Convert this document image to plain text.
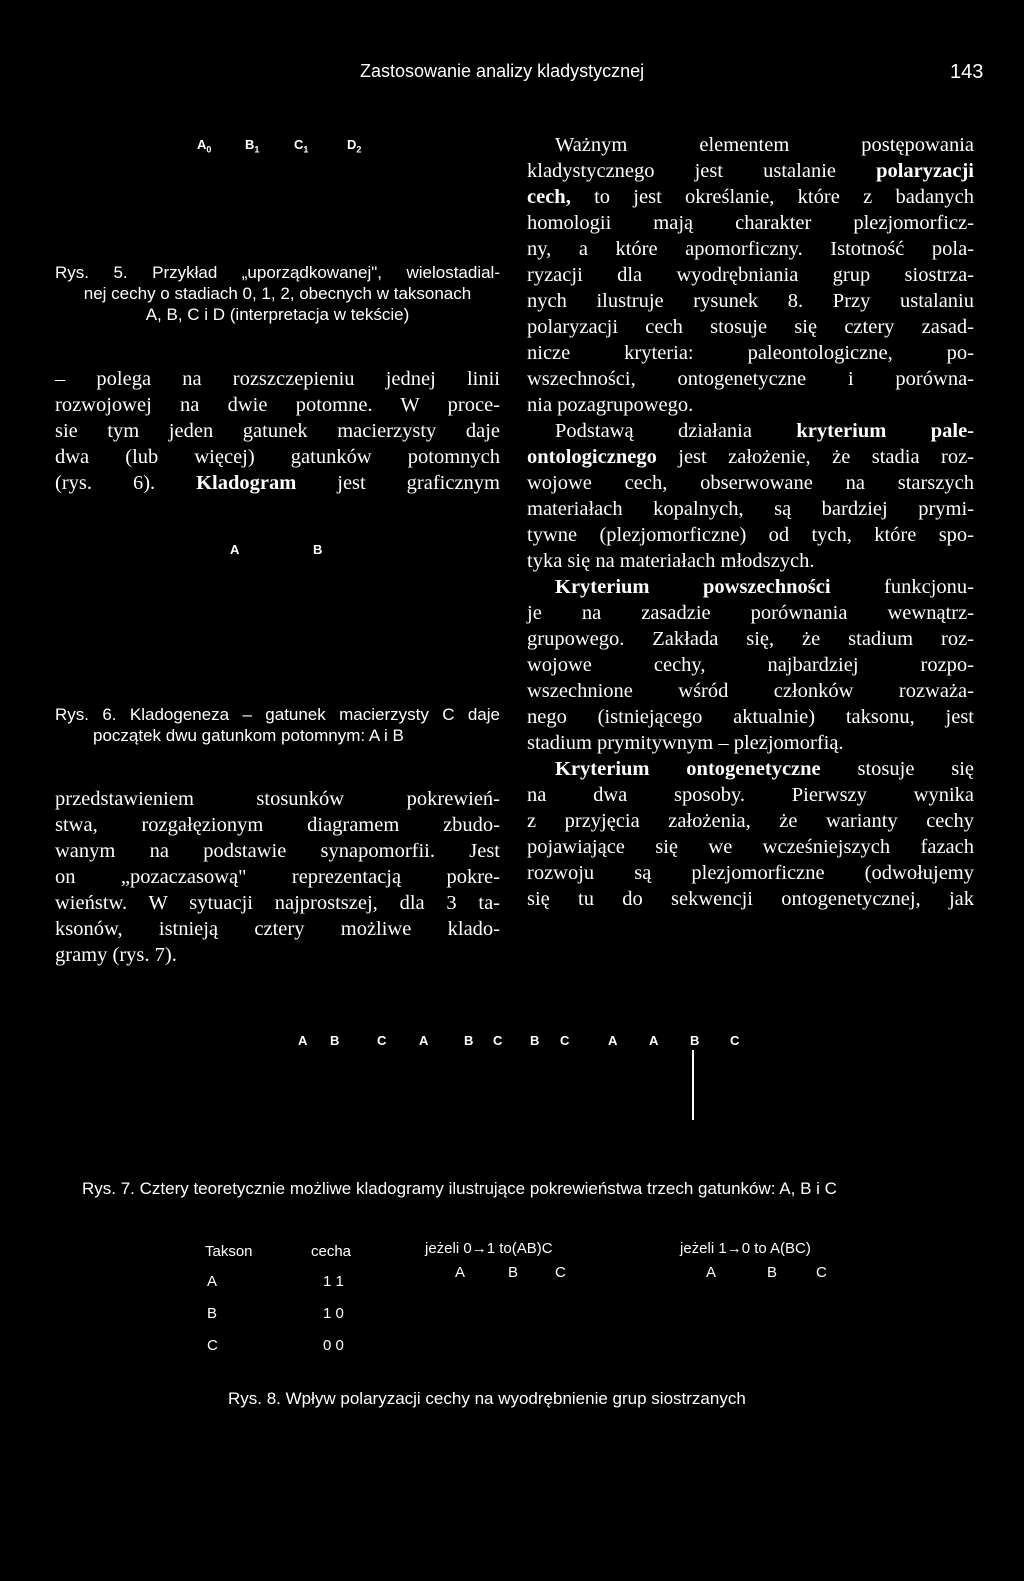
Zastosowanie analizy kladystycznej	143
$A_0$	$B_1$	$C_1$	$D_2$
Rys. 5. Przykład „uporządkowanej", wielostadial-
nej cechy o stadiach 0, 1, 2, obecnych w taksonach
A, B, C i D (interpretacja w tekście)
– polega na rozszczepieniu jednej linii
rozwojowej na dwie potomne. W proce-
sie tym jeden gatunek macierzysty daje
dwa (lub więcej) gatunków potomnych
(rys. 6). Kladogram jest graficznym
A	B
Rys. 6. Kladogeneza – gatunek macierzysty C daje
początek dwu gatunkom potomnym: A i B
przedstawieniem stosunków pokrewień-
stwa, rozgałęzionym diagramem zbudo-
wanym na podstawie synapomorfii. Jest
on „pozaczasową" reprezentacją pokre-
wieństw. W sytuacji najprostszej, dla 3 ta-
ksonów, istnieją cztery możliwe klado-
gramy (rys. 7).
Ważnym elementem postępowania
kladystycznego jest ustalanie polaryzacji
cech, to jest określanie, które z badanych
homologii mają charakter plezjomorficz-
ny, a które apomorficzny. Istotność pola-
ryzacji dla wyodrębniania grup siostrza-
nych ilustruje rysunek 8. Przy ustalaniu
polaryzacji cech stosuje się cztery zasad-
nicze kryteria: paleontologiczne, po-
wszechności, ontogenetyczne i porówna-
nia pozagrupowego.
Podstawą działania kryterium pale-
ontologicznego jest założenie, że stadia roz-
wojowe cech, obserwowane na starszych
materiałach kopalnych, są bardziej prymi-
tywne (plezjomorficzne) od tych, które spo-
tyka się na materiałach młodszych.
Kryterium powszechności funkcjonu-
je na zasadzie porównania wewnątrz-
grupowego. Zakłada się, że stadium roz-
wojowe cechy, najbardziej rozpo-
wszechnione wśród członków rozważa-
nego (istniejącego aktualnie) taksonu, jest
stadium prymitywnym – plezjomorfią.
Kryterium ontogenetyczne stosuje się
na dwa sposoby. Pierwszy wynika
z przyjęcia założenia, że warianty cechy
pojawiające się we wcześniejszych fazach
rozwoju są plezjomorficzne (odwołujemy
się tu do sekwencji ontogenetycznej, jak
A B	C	A	B C B C	A A B C
Rys. 7. Cztery teoretycznie możliwe kladogramy ilustrujące pokrewieństwa trzech gatunków: A, B i C
Takson	cecha	jeżeli 0→1 to(AB)C	jeżeli 1→0 to A(BC)
A	1 1
B	1 0
C	0 0
A	B C	A	B	C
Rys. 8. Wpływ polaryzacji cechy na wyodrębnienie grup siostrzanych
